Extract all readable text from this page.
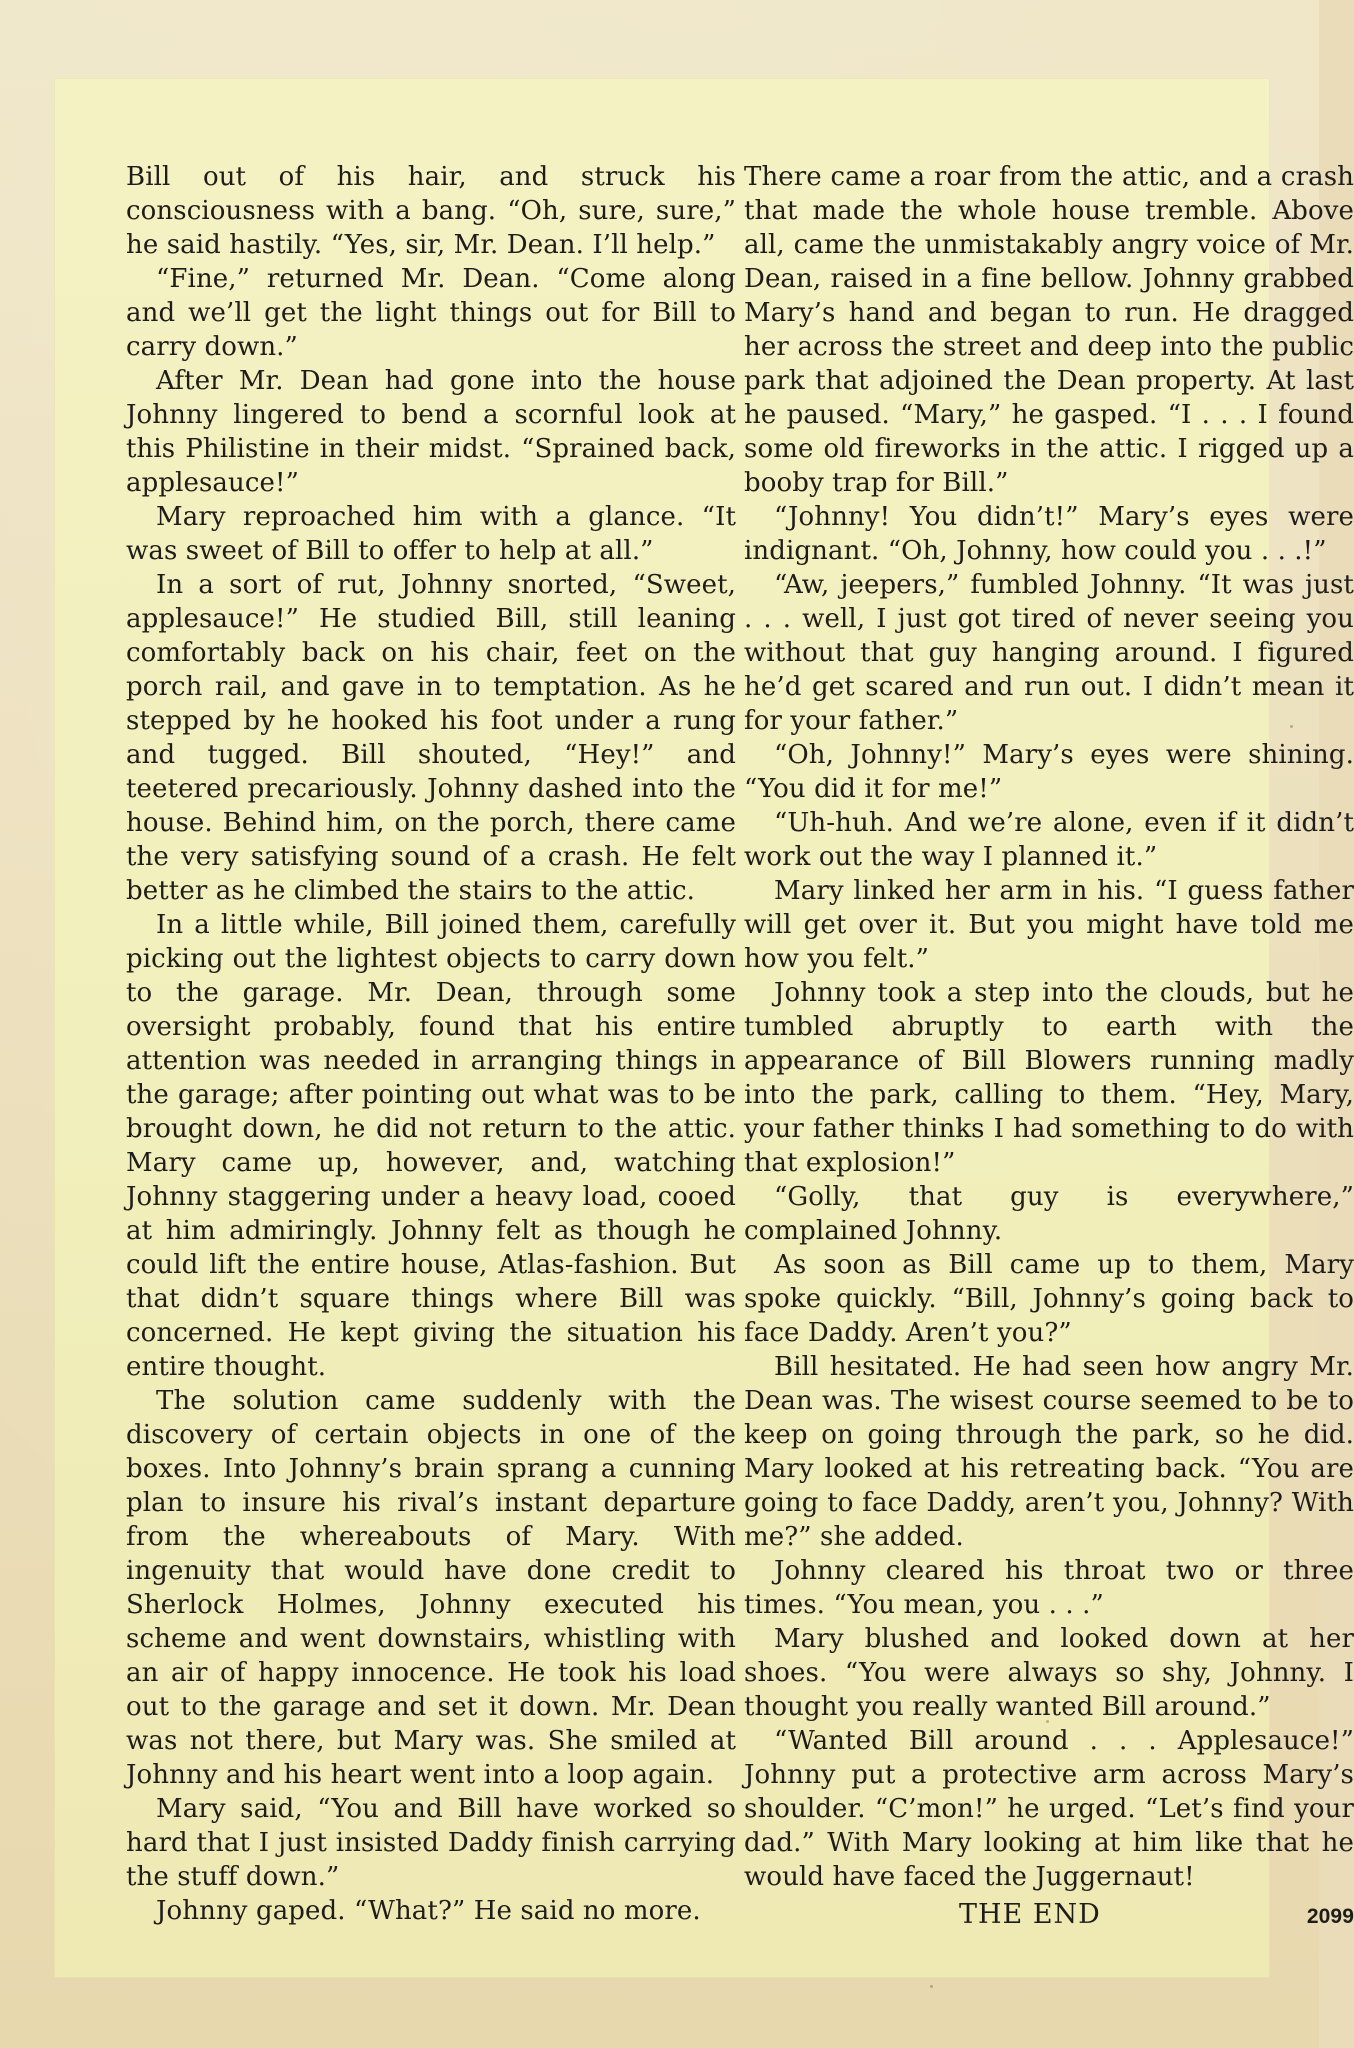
Bill out of his hair, and struck his consciousness with a bang. “Oh, sure, sure,” he said hastily. “Yes, sir, Mr. Dean. I’ll help.”

“Fine,” returned Mr. Dean. “Come along and we’ll get the light things out for Bill to carry down.”

After Mr. Dean had gone into the house Johnny lingered to bend a scornful look at this Philistine in their midst. “Sprained back, applesauce!”

Mary reproached him with a glance. “It was sweet of Bill to offer to help at all.”

In a sort of rut, Johnny snorted, “Sweet, applesauce!” He studied Bill, still leaning comfortably back on his chair, feet on the porch rail, and gave in to temptation. As he stepped by he hooked his foot under a rung and tugged. Bill shouted, “Hey!” and teetered precariously. Johnny dashed into the house. Behind him, on the porch, there came the very satisfying sound of a crash. He felt better as he climbed the stairs to the attic.

In a little while, Bill joined them, carefully picking out the lightest objects to carry down to the garage. Mr. Dean, through some oversight probably, found that his entire attention was needed in arranging things in the garage; after pointing out what was to be brought down, he did not return to the attic. Mary came up, however, and, watching Johnny staggering under a heavy load, cooed at him admiringly. Johnny felt as though he could lift the entire house, Atlas-fashion. But that didn’t square things where Bill was concerned. He kept giving the situation his entire thought.

The solution came suddenly with the discovery of certain objects in one of the boxes. Into Johnny’s brain sprang a cunning plan to insure his rival’s instant departure from the whereabouts of Mary. With ingenuity that would have done credit to Sherlock Holmes, Johnny executed his scheme and went downstairs, whistling with an air of happy innocence. He took his load out to the garage and set it down. Mr. Dean was not there, but Mary was. She smiled at Johnny and his heart went into a loop again.

Mary said, “You and Bill have worked so hard that I just insisted Daddy finish carrying the stuff down.”

Johnny gaped. “What?” He said no more.

There came a roar from the attic, and a crash that made the whole house tremble. Above all, came the unmistakably angry voice of Mr. Dean, raised in a fine bellow. Johnny grabbed Mary’s hand and began to run. He dragged her across the street and deep into the public park that adjoined the Dean property. At last he paused. “Mary,” he gasped. “I . . . I found some old fireworks in the attic. I rigged up a booby trap for Bill.”

“Johnny! You didn’t!” Mary’s eyes were indignant. “Oh, Johnny, how could you . . .!”

“Aw, jeepers,” fumbled Johnny. “It was just . . . well, I just got tired of never seeing you without that guy hanging around. I figured he’d get scared and run out. I didn’t mean it for your father.”

“Oh, Johnny!” Mary’s eyes were shining. “You did it for me!”

“Uh-huh. And we’re alone, even if it didn’t work out the way I planned it.”

Mary linked her arm in his. “I guess father will get over it. But you might have told me how you felt.”

Johnny took a step into the clouds, but he tumbled abruptly to earth with the appearance of Bill Blowers running madly into the park, calling to them. “Hey, Mary, your father thinks I had something to do with that explosion!”

“Golly, that guy is everywhere,” complained Johnny.

As soon as Bill came up to them, Mary spoke quickly. “Bill, Johnny’s going back to face Daddy. Aren’t you?”

Bill hesitated. He had seen how angry Mr. Dean was. The wisest course seemed to be to keep on going through the park, so he did. Mary looked at his retreating back. “You are going to face Daddy, aren’t you, Johnny? With me?” she added.

Johnny cleared his throat two or three times. “You mean, you . . .”

Mary blushed and looked down at her shoes. “You were always so shy, Johnny. I thought you really wanted Bill around.”

“Wanted Bill around . . . Applesauce!” Johnny put a protective arm across Mary’s shoulder. “C’mon!” he urged. “Let’s find your dad.” With Mary looking at him like that he would have faced the Juggernaut!

THE END	2099
